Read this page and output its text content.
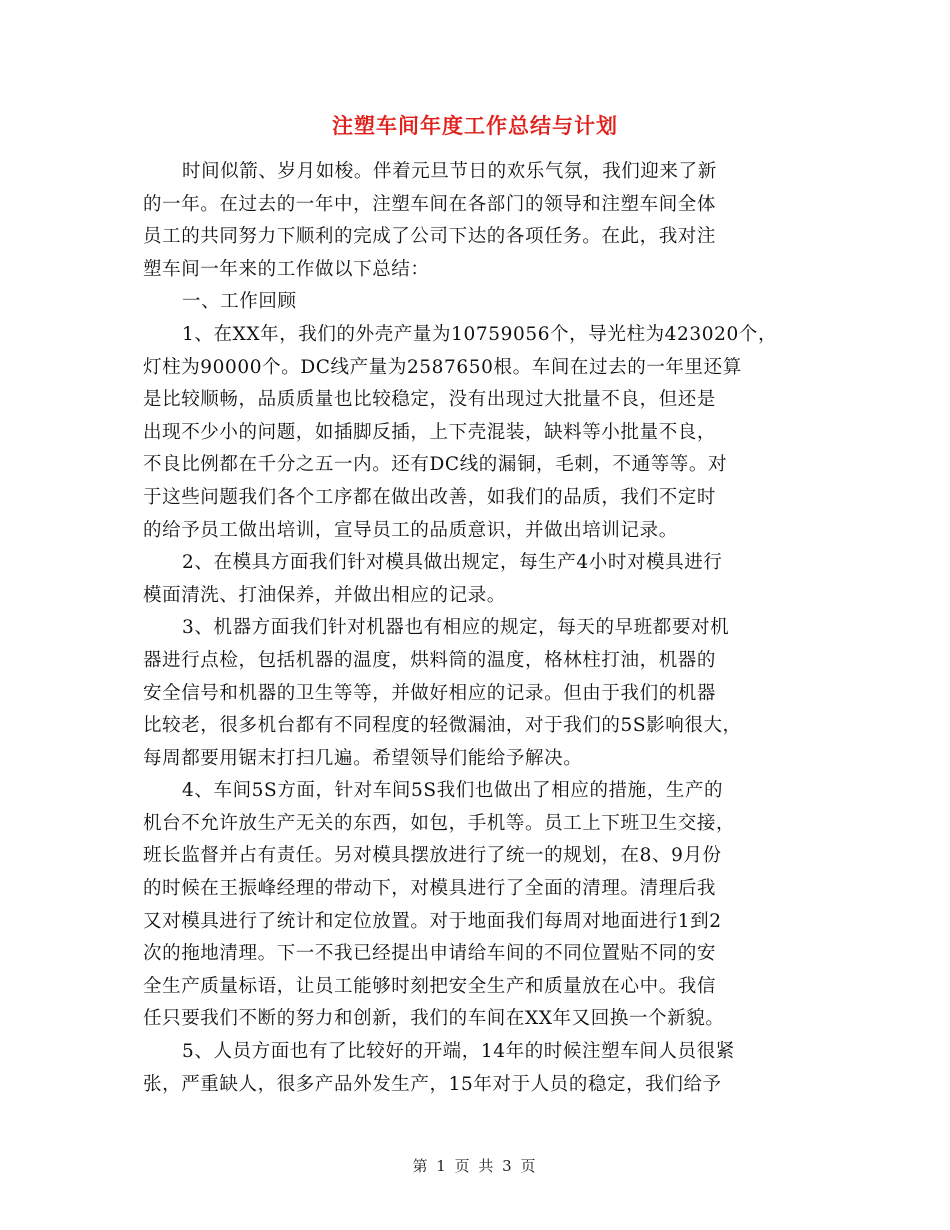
注塑车间年度工作总结与计划
时间似箭、岁月如梭。伴着元旦节日的欢乐气氛，我们迎来了新
的一年。在过去的一年中，注塑车间在各部门的领导和注塑车间全体
员工的共同努力下顺利的完成了公司下达的各项任务。在此，我对注
塑车间一年来的工作做以下总结：
一、工作回顾
1、在XX年，我们的外壳产量为10759056个，导光柱为423020个，
灯柱为90000个。DC线产量为2587650根。车间在过去的一年里还算
是比较顺畅，品质质量也比较稳定，没有出现过大批量不良，但还是
出现不少小的问题，如插脚反插，上下壳混装，缺料等小批量不良，
不良比例都在千分之五一内。还有DC线的漏铜，毛刺，不通等等。对
于这些问题我们各个工序都在做出改善，如我们的品质，我们不定时
的给予员工做出培训，宣导员工的品质意识，并做出培训记录。
2、在模具方面我们针对模具做出规定，每生产4小时对模具进行
模面清洗、打油保养，并做出相应的记录。
3、机器方面我们针对机器也有相应的规定，每天的早班都要对机
器进行点检，包括机器的温度，烘料筒的温度，格林柱打油，机器的
安全信号和机器的卫生等等，并做好相应的记录。但由于我们的机器
比较老，很多机台都有不同程度的轻微漏油，对于我们的5S影响很大，
每周都要用锯末打扫几遍。希望领导们能给予解决。
4、车间5S方面，针对车间5S我们也做出了相应的措施，生产的
机台不允许放生产无关的东西，如包，手机等。员工上下班卫生交接，
班长监督并占有责任。另对模具摆放进行了统一的规划，在8、9月份
的时候在王振峰经理的带动下，对模具进行了全面的清理。清理后我
又对模具进行了统计和定位放置。对于地面我们每周对地面进行1到2
次的拖地清理。下一不我已经提出申请给车间的不同位置贴不同的安
全生产质量标语，让员工能够时刻把安全生产和质量放在心中。我信
任只要我们不断的努力和创新，我们的车间在XX年又回换一个新貌。
5、人员方面也有了比较好的开端，14年的时候注塑车间人员很紧
张，严重缺人，很多产品外发生产，15年对于人员的稳定，我们给予
第 1 页 共 3 页
